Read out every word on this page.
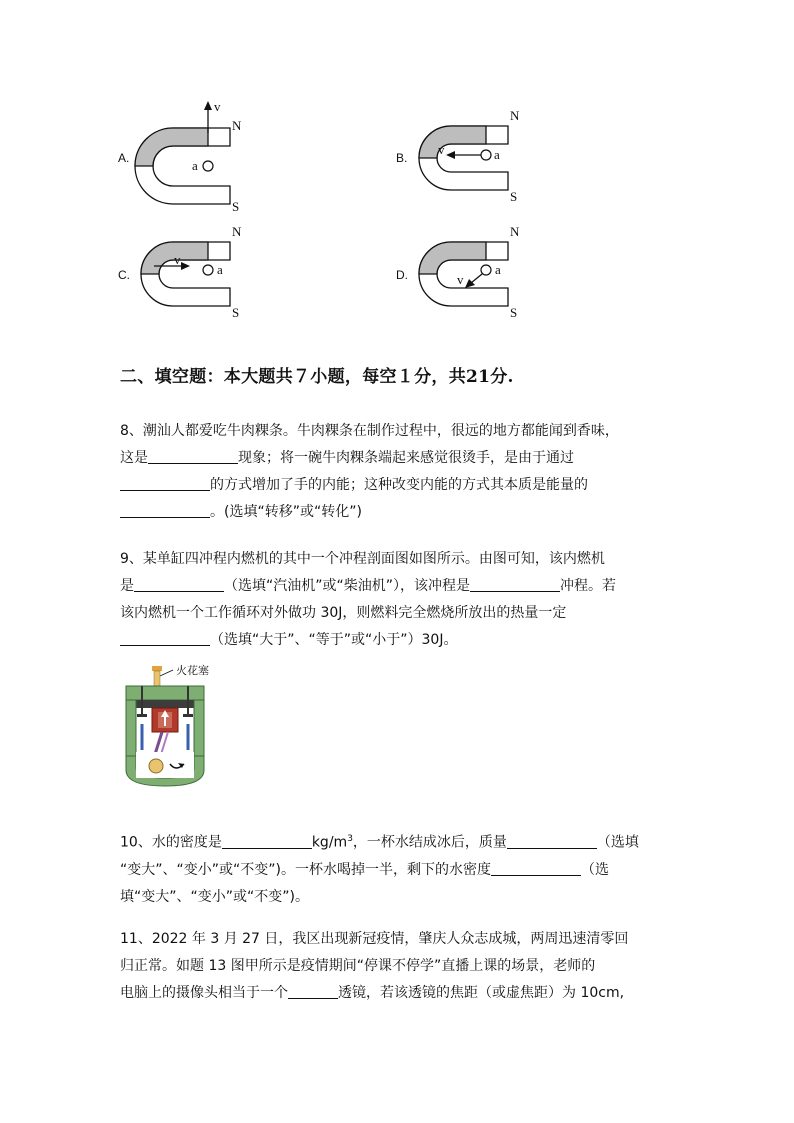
A.
v
N
S
a	B.
v
N
S
a
C.
v
N
S
a	D.	v
N
S
a
二、填空题：本大题共７小题，每空１分，共21分.

8、潮汕人都爱吃牛肉粿条。牛肉粿条在制作过程中，很远的地方都能闻到香味，

这是	现象；将一碗牛肉粿条端起来感觉很烫手，是由于通过

的方式增加了手的内能；这种改变内能的方式其本质是能量的

。(选填“转移”或“转化”)

9、某单缸四冲程内燃机的其中一个冲程剖面图如图所示。由图可知，该内燃机

是	（选填“汽油机”或“柴油机”），该冲程是	冲程。若

该内燃机一个工作循环对外做功 30J，则燃料完全燃烧所放出的热量一定

（选填“大于”、“等于”或“小于”）30J。

火花塞

10、水的密度是	$kg/m^3$，一杯水结成冰后，质量	（选填

“变大”、“变小”或“不变”)。一杯水喝掉一半，剩下的水密度	（选

填“变大”、“变小”或“不变”)。

11、2022 年 3 月 27 日，我区出现新冠疫情，肇庆人众志成城，两周迅速清零回

归正常。如题 13 图甲所示是疫情期间“停课不停学”直播上课的场景，老师的

电脑上的摄像头相当于一个	透镜，若该透镜的焦距（或虚焦距）为 10cm,
